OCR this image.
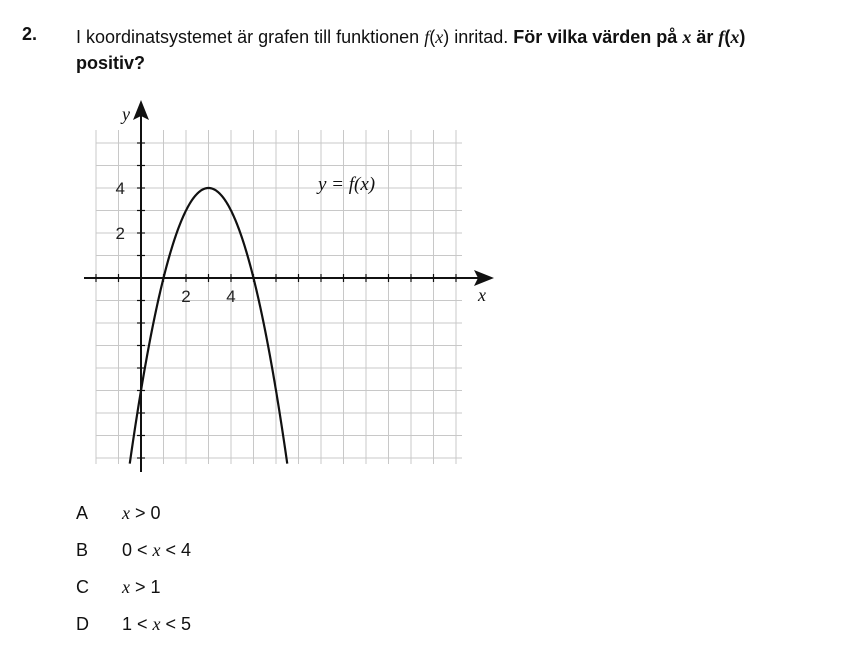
2. I koordinatsystemet är grafen till funktionen f(x) inritad. För vilka värden på x är f(x)
positiv?
2 4
2
4
x
y
y = f(x)
A	x > 0
B	0 < x < 4
C	x > 1
D	1 < x < 5
